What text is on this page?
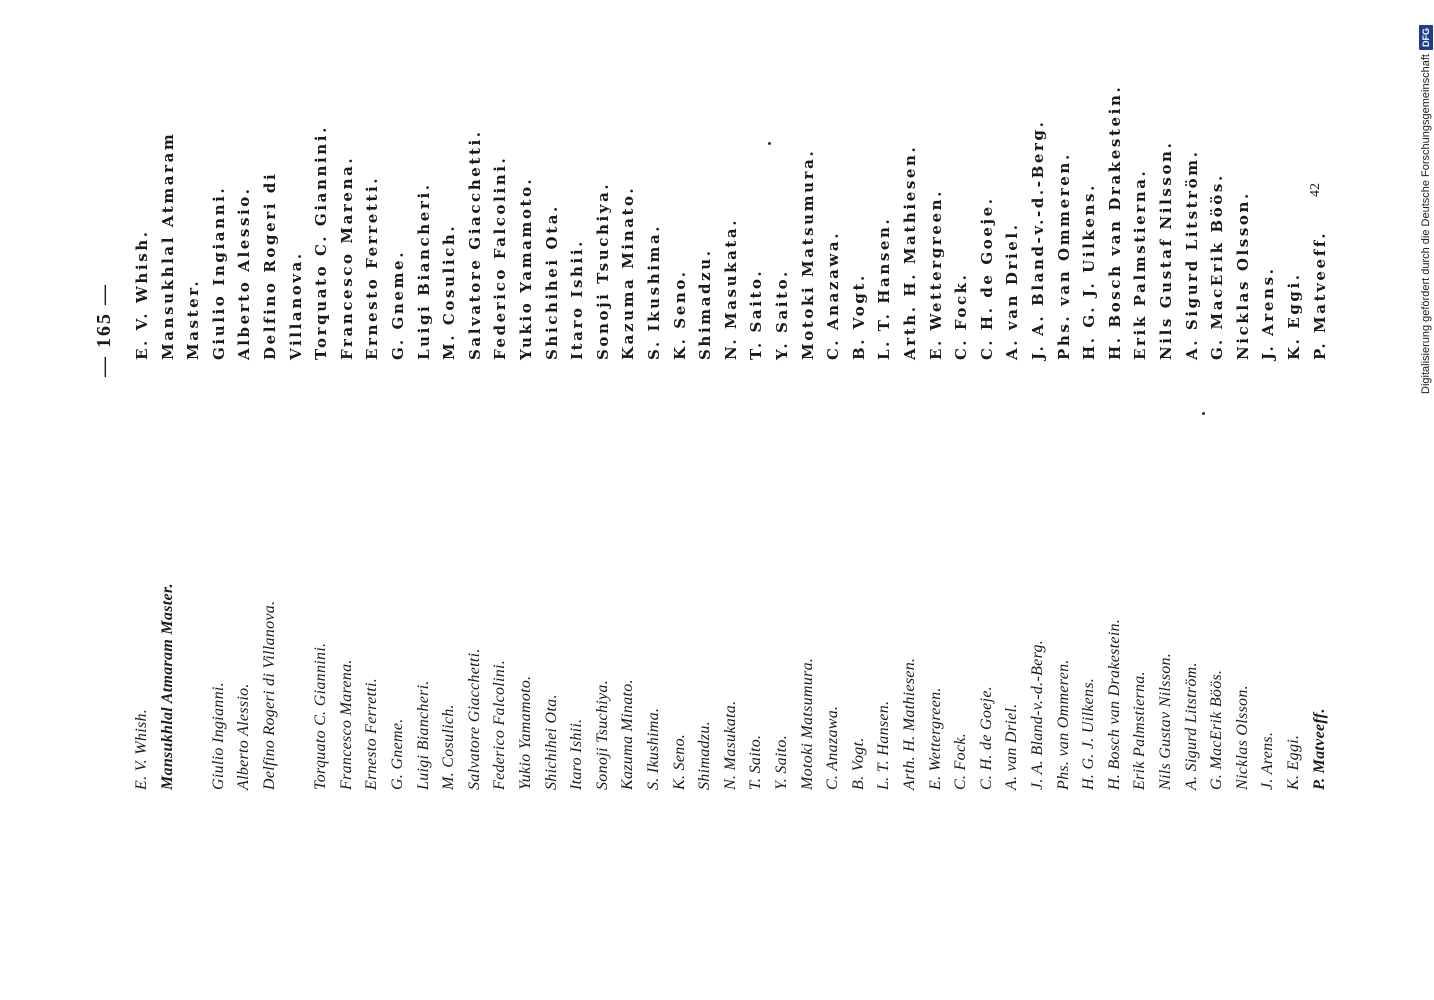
— 165 —
E. V. Whish. Mansukhlal Atmaram Master. Giulio Ingianni. Alberto Alessio. Delfino Rogeri di Villanova. Torquato C. Giannini. Francesco Marena. Ernesto Ferretti. G. Gneme. Luigi Biancheri. M. Cosulich. Salvatore Giacchetti. Federico Falcolini. Yukio Yamamoto. Shichihei Ota. Itaro Ishii. Sonoji Tsuchiya. Kazuma Minato. S. Ikushima. K. Seno. Shimadzu. N. Masukata. T. Saito. Y. Saito. Motoki Matsumura. C. Anazawa. B. Vogt. L. T. Hansen. Arth. H. Mathiesen. E. Wettergreen. C. Fock. C. H. de Goeje. A. van Driel. J. A. Bland-v.-d.-Berg. Phs. van Ommeren. H. G. J. Uilkens. H. Bosch van Drakestein. Erik Palmstierna. Nils Gustav Nilsson. A. Sigurd Litström. G. MacErik Böös. Nicklas Olsson. J. Arens. K. Eggi. P. Matveeff.
E. V. Whish. Mansukhlal Atmaram Master. Giulio Ingianni. Alberto Alessio. Delfino Rogeri di Villanova. Torquato C. Giannini. Francesco Marena. Ernesto Ferretti. G. Gneme. Luigi Biancheri. M. Cosulich. Salvatore Giacchetti. Federico Falcolini. Yukio Yamamoto. Shichihei Ota. Itaro Ishii. Sonoji Tsuchiya. Kazuma Minato. S. Ikushima. K. Seno. Shimadzu. N. Masukata. T. Saito. Y. Saito. Motoki Matsumura. C. Anazawa. B. Vogt. L. T. Hansen. Arth. H. Mathiesen. E. Wettergreen. C. Fock. C. H. de Goeje. A. van Driel. J. A. Bland-v.-d.-Berg. Phs. van Ommeren. H. G. J. Uilkens. H. Bosch van Drakestein. Erik Palmstierna. Nils Gustaf Nilsson. A. Sigurd Litström. G. MacErik Böös. Nicklas Olsson. J. Arens. K. Eggi. P. Matveeff.
42	Digitalisierung gefördert durch die Deutsche Forschungsgemeinschaft
DFG
